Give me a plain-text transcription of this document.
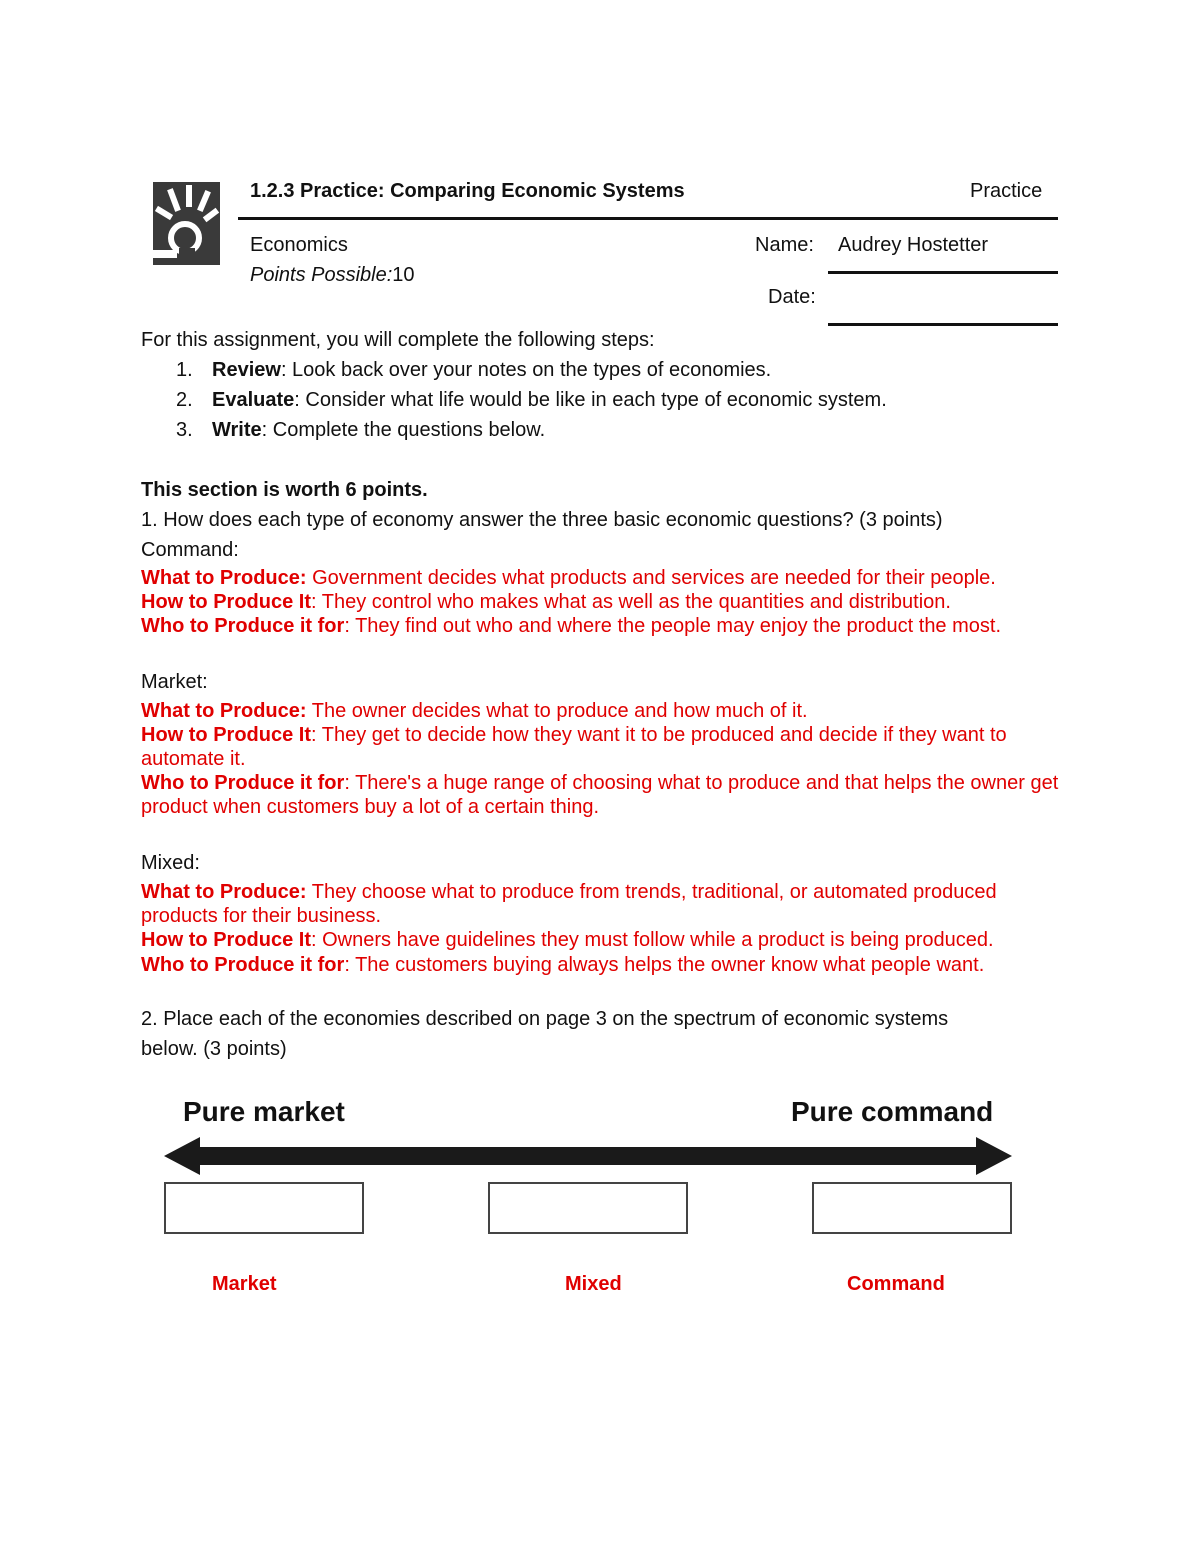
1.2.3 Practice: Comparing Economic Systems	Practice
Economics
Points Possible:10
Name: Audrey Hostetter
Date:
For this assignment, you will complete the following steps:
1. Review: Look back over your notes on the types of economies.
2. Evaluate: Consider what life would be like in each type of economic system.
3. Write: Complete the questions below.
This section is worth 6 points.
1. How does each type of economy answer the three basic economic questions? (3 points)
Command:
What to Produce: Government decides what products and services are needed for their people.
How to Produce It: They control who makes what as well as the quantities and distribution.
Who to Produce it for: They find out who and where the people may enjoy the product the most.
Market:
What to Produce: The owner decides what to produce and how much of it.
How to Produce It: They get to decide how they want it to be produced and decide if they want to automate it.
Who to Produce it for: There's a huge range of choosing what to produce and that helps the owner get product when customers buy a lot of a certain thing.
Mixed:
What to Produce: They choose what to produce from trends, traditional, or automated produced products for their business.
How to Produce It: Owners have guidelines they must follow while a product is being produced.
Who to Produce it for: The customers buying always helps the owner know what people want.
2. Place each of the economies described on page 3 on the spectrum of economic systems
below. (3 points)
Pure market	Pure command
Market	Mixed	Command
